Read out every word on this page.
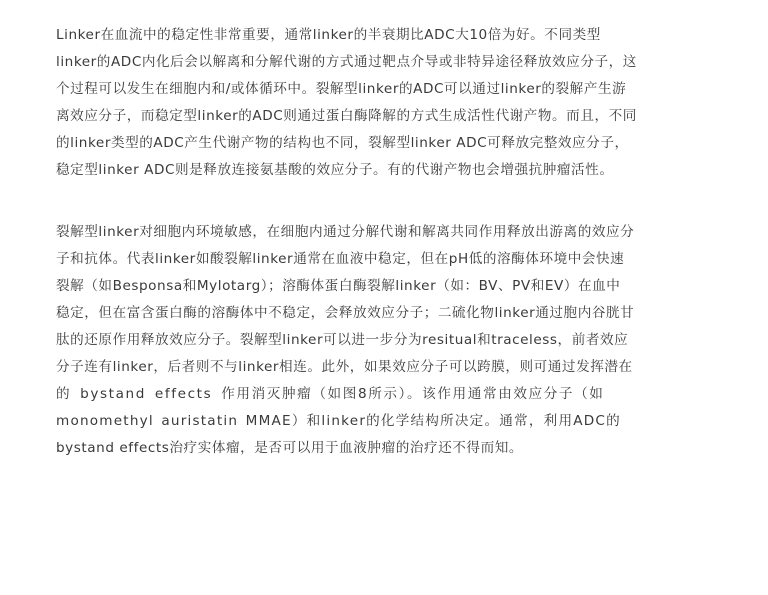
Linker在血流中的稳定性非常重要，通常linker的半衰期比ADC大10倍为好。不同类型
linker的ADC内化后会以解离和分解代谢的方式通过靶点介导或非特异途径释放效应分子，这
个过程可以发生在细胞内和/或体循环中。裂解型linker的ADC可以通过linker的裂解产生游
离效应分子，而稳定型linker的ADC则通过蛋白酶降解的方式生成活性代谢产物。而且，不同
的linker类型的ADC产生代谢产物的结构也不同，裂解型linker ADC可释放完整效应分子，
稳定型linker ADC则是释放连接氨基酸的效应分子。有的代谢产物也会增强抗肿瘤活性。
裂解型linker对细胞内环境敏感，在细胞内通过分解代谢和解离共同作用释放出游离的效应分
子和抗体。代表linker如酸裂解linker通常在血液中稳定，但在pH低的溶酶体环境中会快速
裂解（如Besponsa和Mylotarg）；溶酶体蛋白酶裂解linker（如：BV、PV和EV）在血中
稳定，但在富含蛋白酶的溶酶体中不稳定，会释放效应分子；二硫化物linker通过胞内谷胱甘
肽的还原作用释放效应分子。裂解型linker可以进一步分为resitual和traceless，前者效应
分子连有linker，后者则不与linker相连。此外，如果效应分子可以跨膜，则可通过发挥潜在
的 bystand effects 作用消灭肿瘤（如图8所示）。该作用通常由效应分子（如
monomethyl auristatin MMAE）和linker的化学结构所决定。通常，利用ADC的
bystand effects治疗实体瘤，是否可以用于血液肿瘤的治疗还不得而知。
